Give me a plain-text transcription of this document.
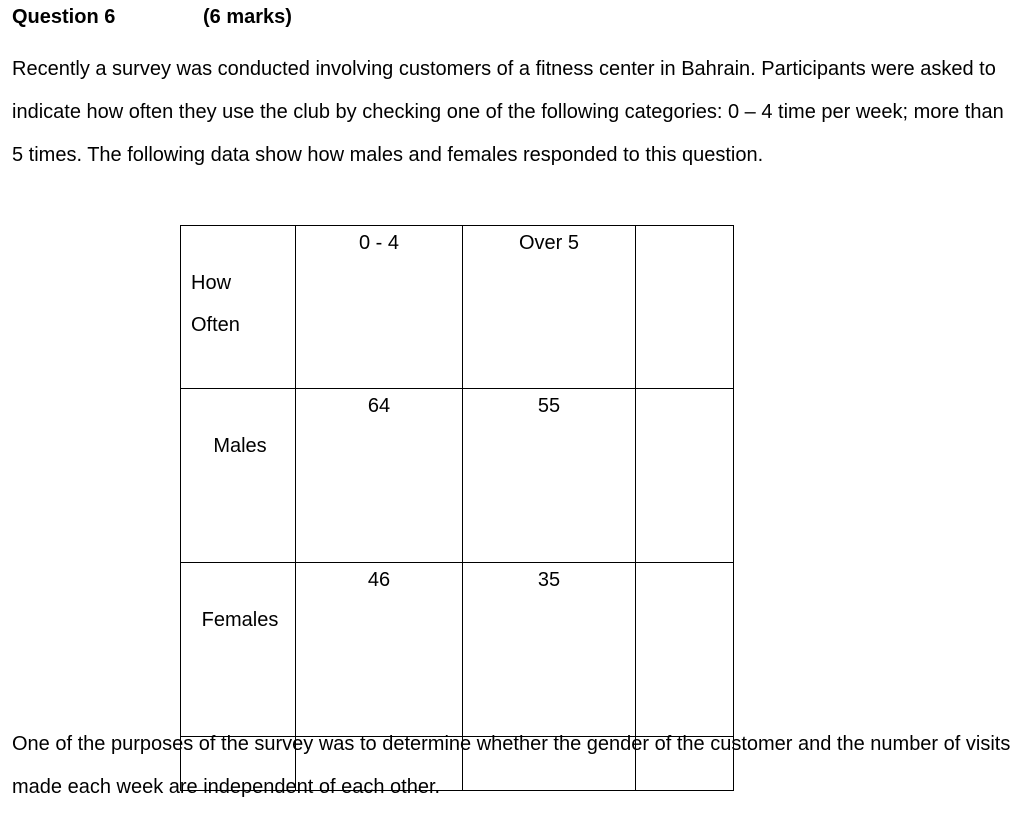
Question 6	(6 marks)

Recently a survey was conducted involving customers of a fitness center in Bahrain. Participants were asked to indicate how often they use the club by checking one of the following categories: 0 – 4 time per week; more than 5 times. The following data show how males and females responded to this question.

How
Often	0 - 4	Over 5	
Males	64	55	
Females	46	35	

One of the purposes of the survey was to determine whether the gender of the customer and the number of visits made each week are independent of each other.
